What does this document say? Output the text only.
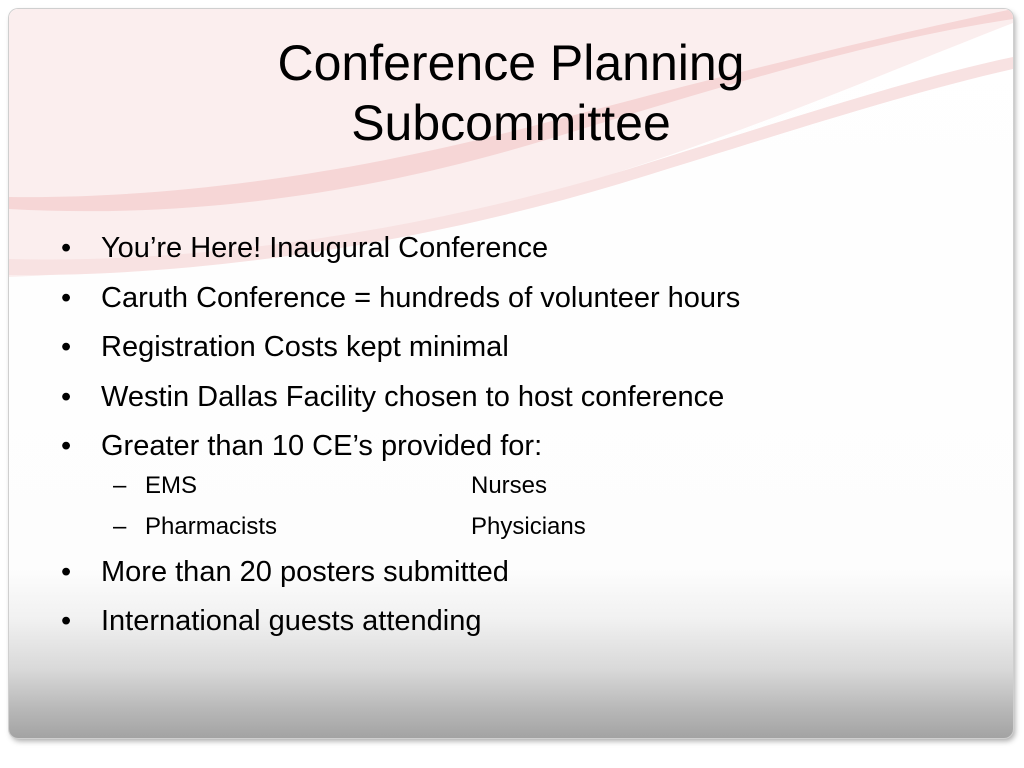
Conference Planning
Subcommittee
• You’re Here! Inaugural Conference
• Caruth Conference = hundreds of volunteer hours
• Registration Costs kept minimal
• Westin Dallas Facility chosen to host conference
• Greater than 10 CE’s provided for:
– EMS	Nurses
– Pharmacists	Physicians
• More than 20 posters submitted
• International guests attending
